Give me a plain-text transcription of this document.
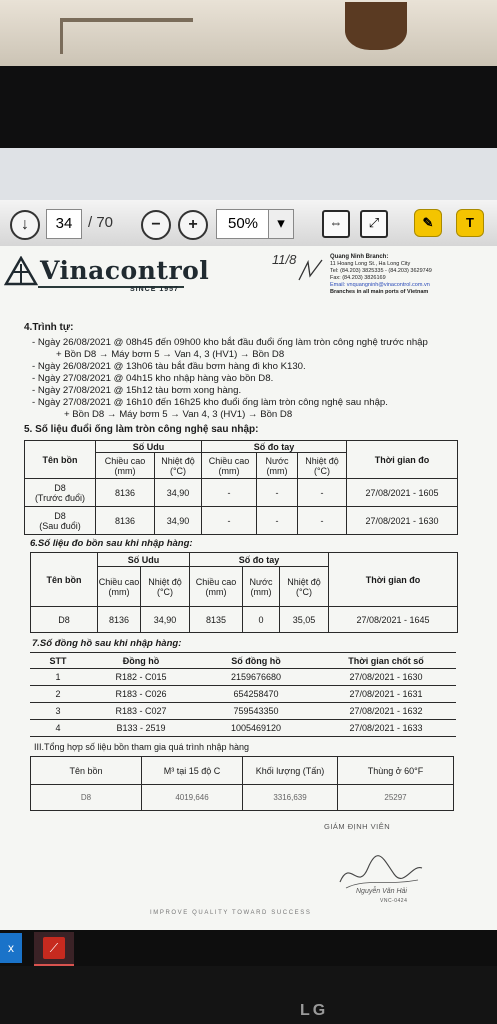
↓	34	/ 70	−	+	50%	▾	⇔	⤢	✎	T
Vinacontrol
SINCE 1957
11/8	Quang Ninh Branch:
11 Hoang Long St., Ha Long City
Tel: (84.203) 3825335 - (84.203) 3629749
Fax: (84.203) 3826169
Email: vnquangninh@vinacontrol.com.vn
Branches in all main ports of Vietnam
4.Trình tự:
- Ngày 26/08/2021 @ 08h45 đến 09h00 kho bắt đầu đuổi ống làm tròn công nghệ trước nhập
+ Bồn D8 → Máy bơm 5 → Van 4, 3 (HV1) → Bồn D8
- Ngày 26/08/2021 @ 13h06 tàu bắt đầu bơm hàng đi kho K130.
- Ngày 27/08/2021 @ 04h15 kho nhập hàng vào bồn D8.
- Ngày 27/08/2021 @ 15h12 tàu bơm xong hàng.
- Ngày 27/08/2021 @ 16h10 đến 16h25 kho đuổi ống làm tròn công nghệ sau nhập.
+ Bồn D8 → Máy bơm 5 → Van 4, 3 (HV1) → Bồn D8
5. Số liệu đuổi ống làm tròn công nghệ sau nhập:
Tên bồn	Số Udu		Số đo tay			Thời gian đo
	Chiều cao (mm)	Nhiệt độ (°C)	Chiều cao (mm)	Nước (mm)	Nhiệt độ (°C)	

D8
(Trước đuổi)	8136	34,90	-	-	-	27/08/2021 - 1605

D8
(Sau đuổi)	8136	34,90	-	-	-	27/08/2021 - 1630
6.Số liệu đo bồn sau khi nhập hàng:
Tên bồn	Số Udu		Số đo tay			Thời gian đo
	Chiều cao (mm)	Nhiệt độ (°C)	Chiều cao (mm)	Nước (mm)	Nhiệt độ (°C)	
D8	8136	34,90	8135	0	35,05	27/08/2021 - 1645
7.Số đồng hồ sau khi nhập hàng:
STT	Đồng hồ	Số đồng hồ	Thời gian chốt số
1	R182 - C015	2159676680	27/08/2021 - 1630
2	R183 - C026	654258470	27/08/2021 - 1631
3	R183 - C027	759543350	27/08/2021 - 1632
4	B133 - 2519	1005469120	27/08/2021 - 1633
III.Tổng hợp số liệu bồn tham gia quá trình nhập hàng
Tên bồn	M³ tại 15 độ C	Khối lượng (Tấn)	Thùng ở 60°F
D8	4019,646	3316,639	25297
GIÁM ĐỊNH VIÊN
Nguyễn Văn Hải
VNC-0424
IMPROVE QUALITY TOWARD SUCCESS
x	⟋
LG
